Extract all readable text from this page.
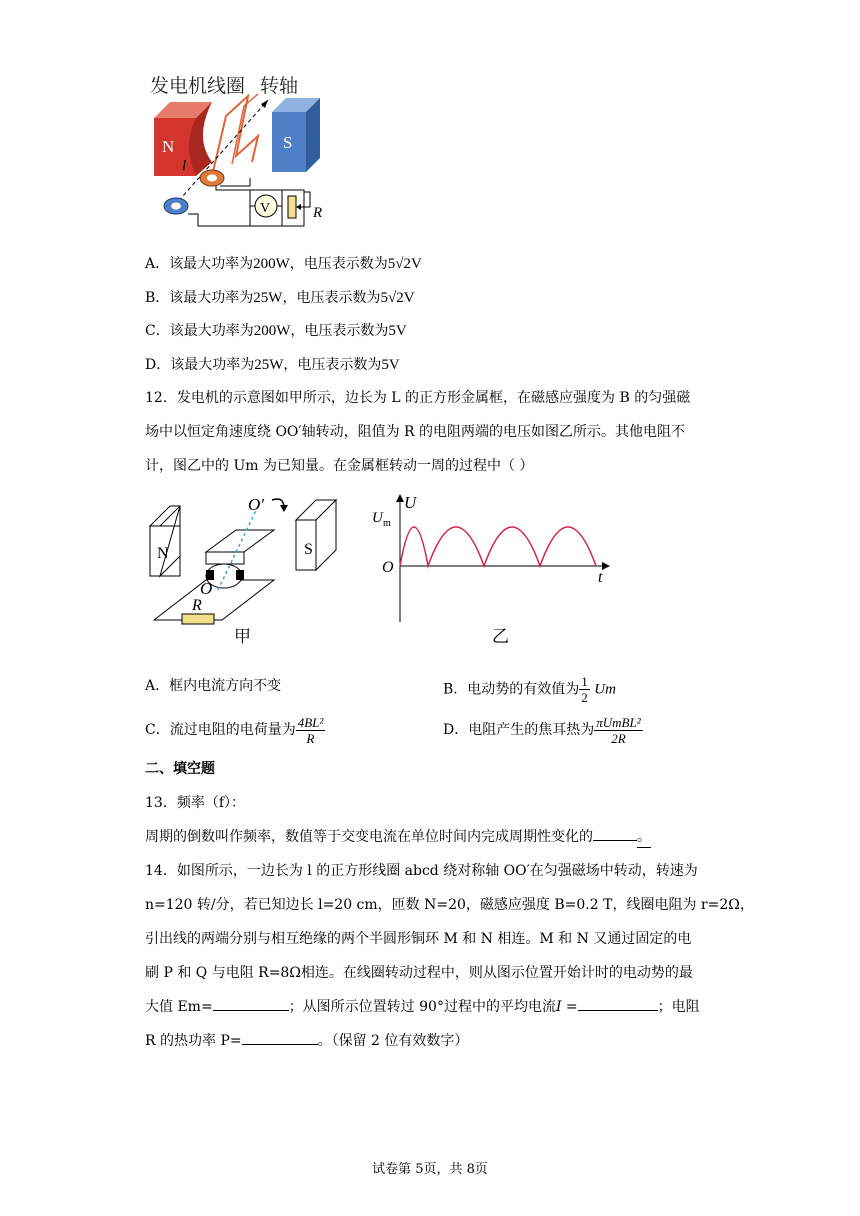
发电机线圈 转轴
N	S
l
V	R
A．该最大功率为200W，电压表示数为5√2V
B．该最大功率为25W，电压表示数为5√2V
C．该最大功率为200W，电压表示数为5V
D．该最大功率为25W，电压表示数为5V
12．发电机的示意图如甲所示，边长为 L 的正方形金属框，在磁感应强度为 B 的匀强磁
场中以恒定角速度绕 OO′轴转动，阻值为 R 的电阻两端的电压如图乙所示。其他电阻不
计，图乙中的 Um 为已知量。在金属框转动一周的过程中（ ）
N	S
O′
O
R
甲
U
U m
O
t
乙
A．框内电流方向不变	B．电动势的有效值为 $\frac{1}{2}$ Um
C．流过电阻的电荷量为 $\frac{\text{4BL²}}{R}$	D．电阻产生的焦耳热为 $\frac{\text{πUmBL²}}{2R}$
二、填空题
13．频率（f）：
周期的倒数叫作频率，数值等于交变电流在单位时间内完成周期性变化的	。
14．如图所示，一边长为 l 的正方形线圈 abcd 绕对称轴 OO′在匀强磁场中转动，转速为
n=120 转/分，若已知边长 l=20 cm，匝数 N=20，磁感应强度 B=0.2 T，线圈电阻为 r=2Ω，
引出线的两端分别与相互绝缘的两个半圆形铜环 M 和 N 相连。M 和 N 又通过固定的电
刷 P 和 Q 与电阻 R=8Ω相连。在线圈转动过程中，则从图示位置开始计时的电动势的最
大值 Em=	；从图所示位置转过 90°过程中的平均电流I =	；电阻
R 的热功率 P=	。（保留 2 位有效数字）
试卷第 5页，共 8页
